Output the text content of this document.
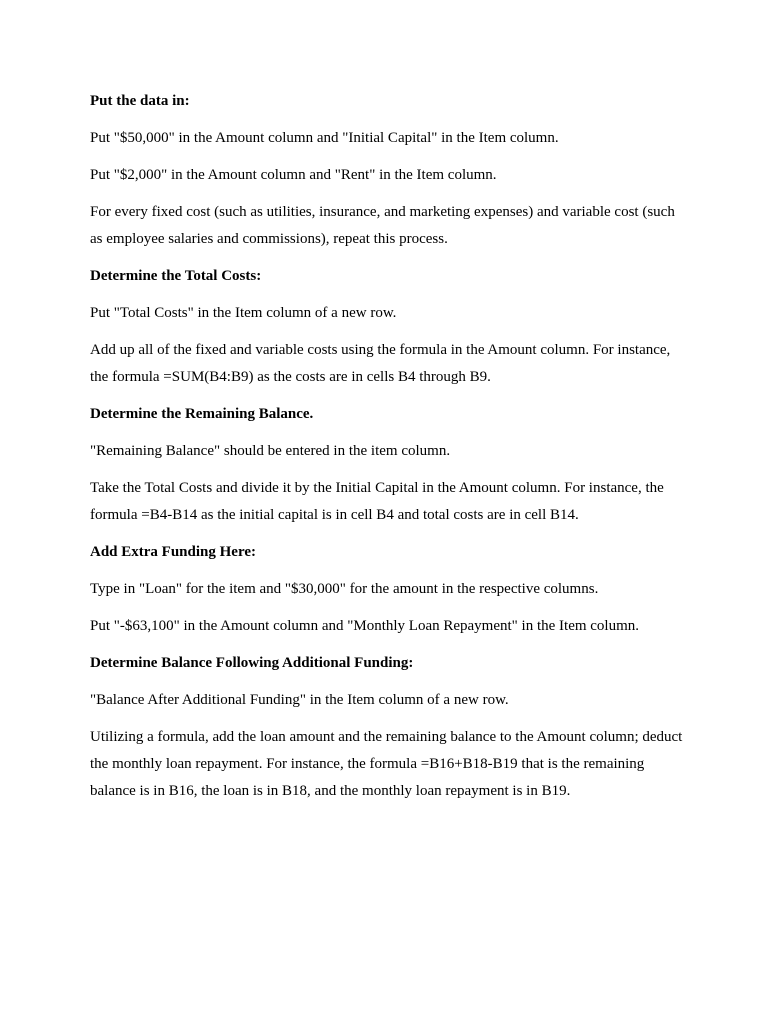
Put the data in:

Put "$50,000" in the Amount column and "Initial Capital" in the Item column.

Put "$2,000" in the Amount column and "Rent" in the Item column.

For every fixed cost (such as utilities, insurance, and marketing expenses) and variable cost (such as employee salaries and commissions), repeat this process.

Determine the Total Costs:

Put "Total Costs" in the Item column of a new row.

Add up all of the fixed and variable costs using the formula in the Amount column. For instance, the formula =SUM(B4:B9) as the costs are in cells B4 through B9.

Determine the Remaining Balance.

"Remaining Balance" should be entered in the item column.

Take the Total Costs and divide it by the Initial Capital in the Amount column. For instance, the formula =B4-B14 as the initial capital is in cell B4 and total costs are in cell B14.

Add Extra Funding Here:

Type in "Loan" for the item and "$30,000" for the amount in the respective columns.

Put "-$63,100" in the Amount column and "Monthly Loan Repayment" in the Item column.

Determine Balance Following Additional Funding:

"Balance After Additional Funding" in the Item column of a new row.

Utilizing a formula, add the loan amount and the remaining balance to the Amount column; deduct the monthly loan repayment. For instance, the formula =B16+B18-B19 that is the remaining balance is in B16, the loan is in B18, and the monthly loan repayment is in B19.
